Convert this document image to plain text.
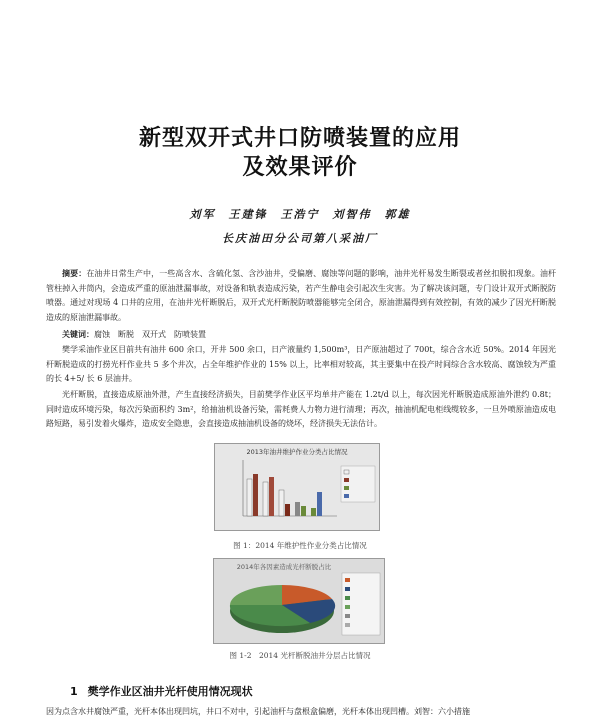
新型双开式井口防喷装置的应用
及效果评价
刘军　王建锋　王浩宁　刘智伟　郭雄
长庆油田分公司第八采油厂
摘要：在油井日常生产中，一些高含水、含硫化氢、含沙油井，受偏磨、腐蚀等问题的影响，油井光杆易发生断裂或者丝扣脱扣现象。油杆管柱掉入井筒内，会造成严重的原油泄漏事故，对设备和轨表造成污染，若产生静电会引起次生灾害。为了解决该问题，专门设计双开式断脱防喷器。通过对现场 4 口井的应用，在油井光杆断脱后，双开式光杆断脱防喷器能够完全闭合，原油泄漏得到有效控制，有效的减少了因光杆断脱造成的原油泄漏事故。
关键词：腐蚀　断脱　双开式　防喷装置
樊学采油作业区目前共有油井 600 余口，开井 500 余口，日产液量约 1,500m³，日产原油超过了 700t，综合含水近 50%。2014 年因光杆断脱造成的打捞光杆作业共 5 多个井次，占全年维护作业的 15% 以上，比率相对较高，其主要集中在投产时间综合含水较高、腐蚀较为严重的长 4+5/ 长 6 层油井。
光杆断脱，直接造成原油外泄，产生直接经济损失，目前樊学作业区平均单井产能在 1.2t/d 以上，每次因光杆断脱造成原油外泄约 0.8t；同时造成环境污染，每次污染面积约 3m²，给抽油机设备污染，需耗费人力物力进行清理；再次，抽油机配电柜线缆较多，一旦外喷原油造成电路短路，易引发着火爆炸，造成安全隐患，会直接造成抽油机设备的烧坏，经济损失无法估计。
2013年油井维护作业分类占比情况
图 1：2014 年维护性作业分类占比情况
2014年各因素造成光杆断脱占比
图 1-2　2014 光杆断脱油井分层占比情况
1 樊学作业区油井光杆使用情况现状
因为点含水井腐蚀严重，光杆本体出现凹坑，井口不对中，引起油杆与盘根盒偏磨，光杆本体出现凹槽。刘智：六小措施
